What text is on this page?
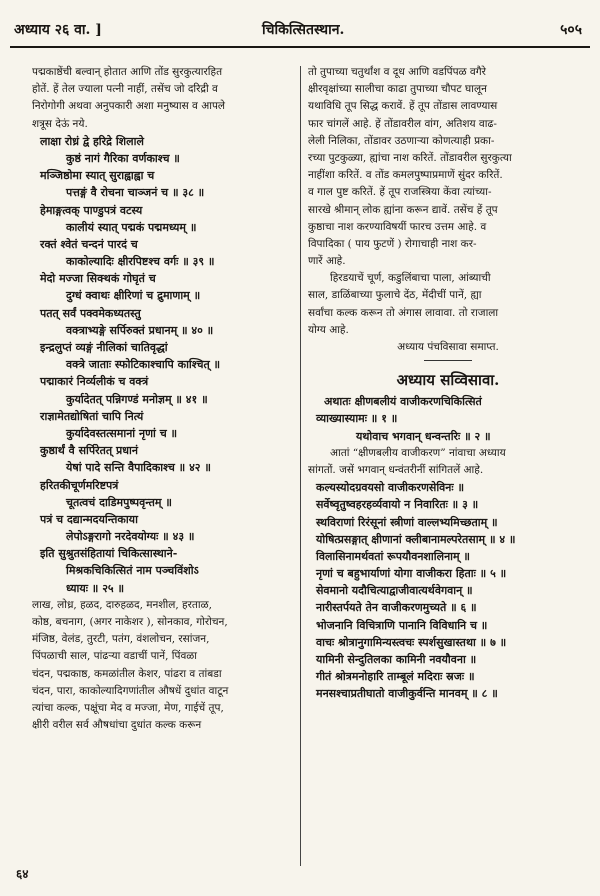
अध्याय २६ वा. ]	चिकित्सितस्थान.	५०५
पद्मकाष्ठेंची बल्वान् होतात आणि तोंड सुरकुत्यारहित
होतें. हें तेल ज्याला पत्नी नाहीं, तसेंच जो दरिद्री व
निरोगोगी अथवा अनुपकारी अशा मनुष्यास व आपले
शत्रूस देऊं नये.
लाक्षा रोध्रं द्वे हरिद्रे शिलाले
कुष्ठं नागं गैरिका वर्णकाश्च ॥
मञ्जिष्ठोमा स्यात् सुराह्वाह्वा च
पत्तङ्गं वै रोचना चाञ्जनं च ॥ ३८ ॥
हेमाङ्गत्वक् पाण्डुपत्रं वटस्य
कालीयं स्यात् पद्मकं पद्ममध्यम् ॥
रक्तं श्वेतं चन्दनं पारदं च
काकोल्यादिः क्षीरपिष्टश्च वर्गः ॥ ३९ ॥
मेदो मज्जा सिक्थकं गोघृतं च
दुग्धं क्वाथः क्षीरिणां च द्रुमाणाम् ॥
पतत् सर्वं पक्वमेकध्यतस्तु
वक्त्राभ्यङ्गे सर्पिरुक्तं प्रधानम् ॥ ४० ॥
इन्द्रलुप्तं व्यङ्गं नीलिकां चातिवृद्धां
वक्त्रे जाताः स्फोटिकाश्चापि काश्चित् ॥
पद्माकारं निर्व्यलीकं च वक्त्रं
कुर्यादेतत् पन्निगण्डं मनोज्ञम् ॥ ४१ ॥
राज्ञामेतद्योषितां चापि नित्यं
कुर्यादेवस्तत्समानां नृणां च ॥
कुष्ठार्थं वै सर्पिरेतत् प्रधानं
येषां पादे सन्ति वैपादिकाश्च ॥ ४२ ॥
हरितकीचूर्णमरिष्टपत्रं
चूतत्वचं दाडिमपुष्पवृन्तम् ॥
पत्रं च दद्यान्मदयन्तिकाया
लेपोऽङ्गरागो नरदेवयोग्यः ॥ ४३ ॥
इति सुश्रुतसंहितायां चिकित्सास्थाने-
मिश्रकचिकित्सितं नाम पञ्चविंशोऽ
ध्यायः ॥ २५ ॥
लाख, लोध्र, हळद, दारुहळद, मनशील, हरताळ,
कोष्ठ, बचनाग, (अगर नाकेशर ), सोनकाव, गोरोचन,
मंजिष्ठ, वेलंड, तुरटी, पतंग, वंशलोचन, रसांजन,
पिंपळाची साल, पांढऱ्या वडाचीं पानें, पिंवळा
चंदन, पद्मकाष्ठ, कमळांतील केशर, पांढरा व तांबडा
चंदन, पारा, काकोल्यादिगणांतील औषधें दुधांत वाटून
त्यांचा कल्क, पक्षूंचा मेद व मज्जा, मेण, गाईचें तूप,
क्षीरी वरील सर्व औषधांचा दुधांत कल्क करून
तो तुपाच्या चतुर्थांश व दूध आणि वडपिंपळ वगैरे
क्षीरवृक्षांच्या सालीचा काढा तुपाच्या चौपट घालून
यथाविधि तूप सिद्ध करावें. हें तूप तोंडास लावण्यास
फार चांगलें आहे. हें तोंडावरील वांग, अतिशय वाढ-
लेली निलिका, तोंडावर उठणाऱ्या कोणत्याही प्रका-
रच्या पुटकुळ्या, ह्यांचा नाश करितें. तोंडावरील सुरकुत्या
नाहींशा करितें. व तोंड कमलपुष्पाप्रमाणें सुंदर करितें.
व गाल पुष्ट करितें. हें तूप राजस्त्रिया केंवा त्यांच्या-
सारखे श्रीमान् लोक ह्यांना करून द्यावें. तसेंच हें तूप
कुष्ठाचा नाश करण्याविषयीं फारच उत्तम आहे. व
विपादिका ( पाय फुटणें ) रोगाचाही नाश कर-
णारें आहे.
हिरडयाचें चूर्ण, कडुलिंबाचा पाला, आंब्याची
साल, डाळिंबाच्या फुलाचे देंठ, मेंदीचीं पानें, ह्या
सर्वांचा कल्क करून तो अंगास लावावा. तो राजाला
योग्य आहे.
अध्याय पंचविसावा समाप्त.
अध्याय सव्विसावा.
अथातः क्षीणबलीयं वाजीकरणचिकित्सितं
व्याख्यास्यामः ॥ १ ॥
यथोवाच भगवान् धन्वन्तरिः ॥ २ ॥
आतां “क्षीणबलीय वाजीकरण” नांवाचा अध्याय
सांगतों. जसें भगवान् धन्वंतरीनीं सांगितलें आहे.
कल्यस्योदग्रवयसो वाजीकरणसेविनः ॥
सर्वेष्वृतुष्वहरहर्व्यवायो न निवारितः ॥ ३ ॥
स्थविराणां रिरंसूनां स्त्रीणां वाल्लभ्यमिच्छताम् ॥
योषित्प्रसङ्गात् क्षीणानां क्लीबानामल्परेतसाम् ॥ ४ ॥
विलासिनामर्थवतां रूपयौवनशालिनाम् ॥
नृणां च बहुभार्याणां योगा वाजीकरा हिताः ॥ ५ ॥
सेवमानो यदौचित्याद्वाजीवात्यर्थवेगवान् ॥
नारीस्तर्पयते तेन वाजीकरणमुच्यते ॥ ६ ॥
भोजनानि विचित्राणि पानानि विविधानि च ॥
वाचः श्रोत्रानुगामिन्यस्त्वचः स्पर्शसुखास्तथा ॥ ७ ॥
यामिनी सेन्दुतिलका कामिनी नवयौवना ॥
गीतं श्रोत्रमनोहारि ताम्बूलं मदिराः स्रजः ॥
मनसश्चाप्रतीघातो वाजीकुर्वन्ति मानवम् ॥ ८ ॥
६४
